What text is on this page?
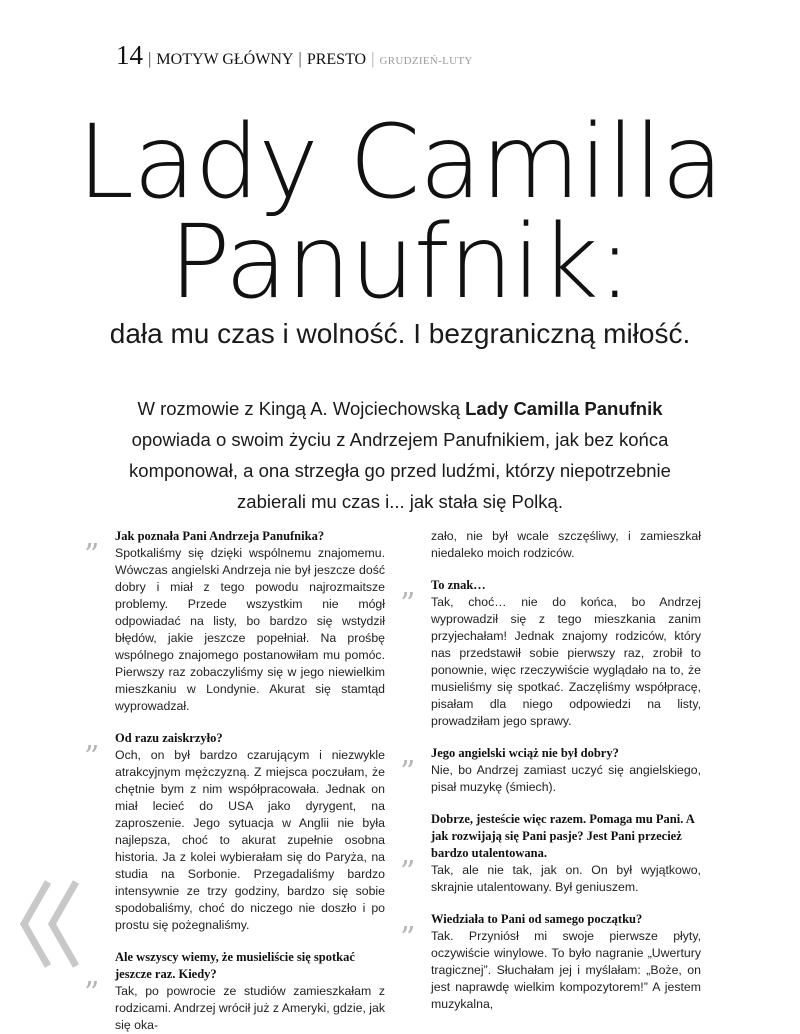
14 | MOTYW GŁÓWNY | PRESTO | GRUDZIEŃ-LUTY
Lady Camilla
Panufnik:
dała mu czas i wolność. I bezgraniczną miłość.
W rozmowie z Kingą A. Wojciechowską Lady Camilla Panufnik opowiada o swoim życiu z Andrzejem Panufnikiem, jak bez końca komponował, a ona strzegła go przed ludźmi, którzy niepotrzebnie zabierali mu czas i... jak stała się Polką.

Jak poznała Pani Andrzeja Panufnika?

” Spotkaliśmy się dzięki wspólnemu znajomemu. Wówczas angielski Andrzeja nie był jeszcze dość dobry i miał z tego powodu najrozmaitsze problemy. Przede wszystkim nie mógł odpowiadać na listy, bo bardzo się wstydził błędów, jakie jeszcze popełniał. Na prośbę wspólnego znajomego postanowiłam mu pomóc. Pierwszy raz zobaczyliśmy się w jego niewielkim mieszkaniu w Londynie. Akurat się stamtąd wyprowadzał.

Od razu zaiskrzyło?

” Och, on był bardzo czarującym i niezwykle atrakcyjnym mężczyzną. Z miejsca poczułam, że chętnie bym z nim współpracowała. Jednak on miał lecieć do USA jako dyrygent, na zaproszenie. Jego sytuacja w Anglii nie była najlepsza, choć to akurat zupełnie osobna historia. Ja z kolei wybierałam się do Paryża, na studia na Sorbonie. Przegadaliśmy bardzo intensywnie ze trzy godziny, bardzo się sobie spodobaliśmy, choć do niczego nie doszło i po prostu się pożegnaliśmy.

Ale wszyscy wiemy, że musieliście się spotkać jeszcze raz. Kiedy?

” Tak, po powrocie ze studiów zamieszkałam z rodzicami. Andrzej wrócił już z Ameryki, gdzie, jak się oka-

zało, nie był wcale szczęśliwy, i zamieszkał niedaleko moich rodziców.

To znak…

” Tak, choć… nie do końca, bo Andrzej wyprowadził się z tego mieszkania zanim przyjechałam! Jednak znajomy rodziców, który nas przedstawił sobie pierwszy raz, zrobił to ponownie, więc rzeczywiście wyglądało na to, że musieliśmy się spotkać. Zaczęliśmy współpracę, pisałam dla niego odpowiedzi na listy, prowadziłam jego sprawy.

Jego angielski wciąż nie był dobry?

” Nie, bo Andrzej zamiast uczyć się angielskiego, pisał muzykę (śmiech).

Dobrze, jesteście więc razem. Pomaga mu Pani. A jak rozwijają się Pani pasje? Jest Pani przecież bardzo utalentowana.

” Tak, ale nie tak, jak on. On był wyjątkowo, skrajnie utalentowany. Był geniuszem.

Wiedziała to Pani od samego początku?

” Tak. Przyniósł mi swoje pierwsze płyty, oczywiście winylowe. To było nagranie „Uwertury tragicznej”. Słuchałam jej i myślałam: „Boże, on jest naprawdę wielkim kompozytorem!” A jestem muzykalna,
